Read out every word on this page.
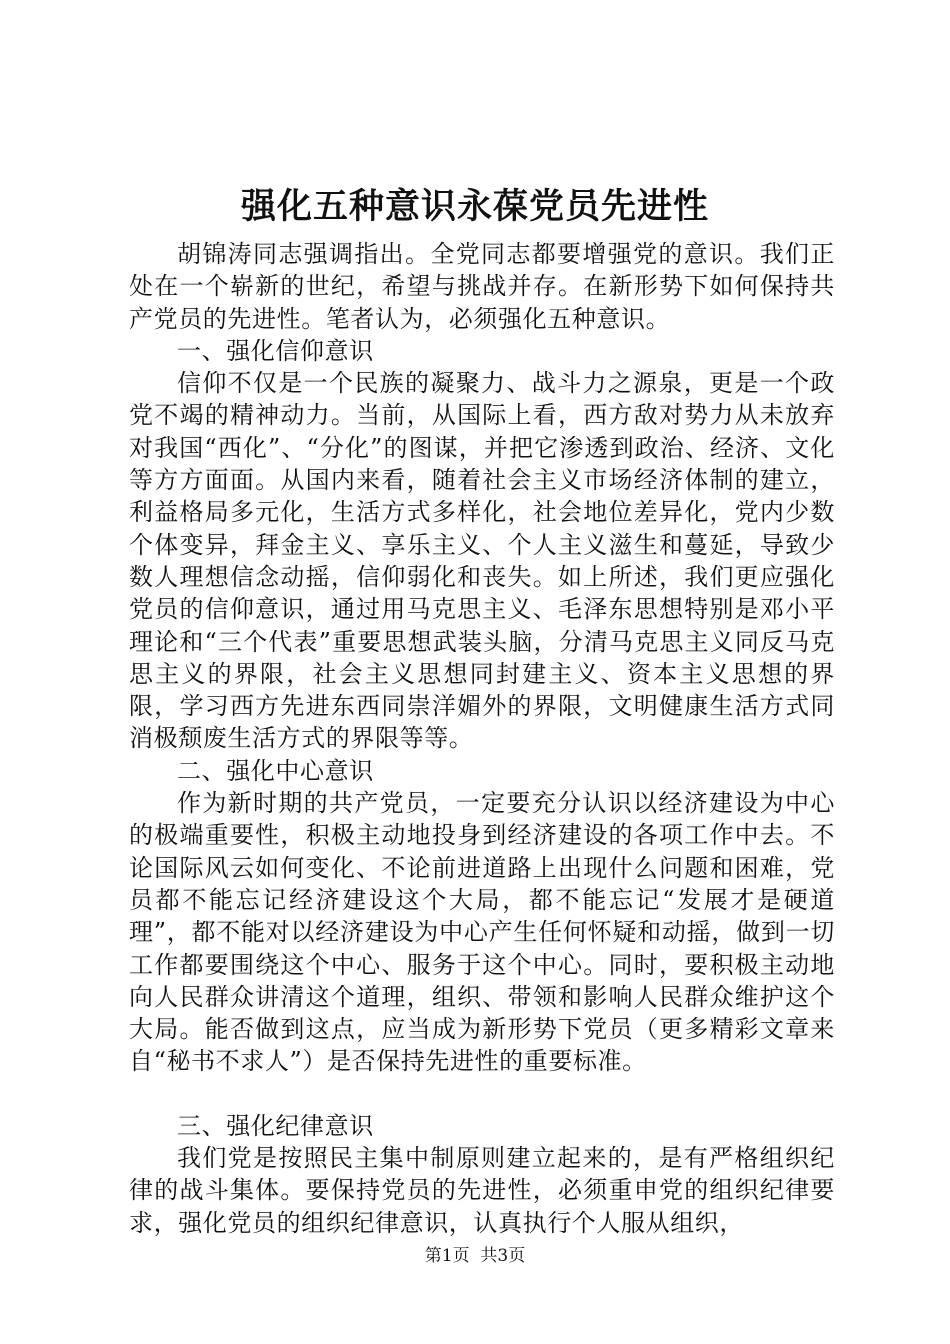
强化五种意识永葆党员先进性

胡锦涛同志强调指出。全党同志都要增强党的意识。我们正处在一个崭新的世纪，希望与挑战并存。在新形势下如何保持共产党员的先进性。笔者认为，必须强化五种意识。

一、强化信仰意识

信仰不仅是一个民族的凝聚力、战斗力之源泉，更是一个政党不竭的精神动力。当前，从国际上看，西方敌对势力从未放弃对我国“西化”、“分化”的图谋，并把它渗透到政治、经济、文化等方方面面。从国内来看，随着社会主义市场经济体制的建立，利益格局多元化，生活方式多样化，社会地位差异化，党内少数个体变异，拜金主义、享乐主义、个人主义滋生和蔓延，导致少数人理想信念动摇，信仰弱化和丧失。如上所述，我们更应强化党员的信仰意识，通过用马克思主义、毛泽东思想特别是邓小平理论和“三个代表”重要思想武装头脑，分清马克思主义同反马克思主义的界限，社会主义思想同封建主义、资本主义思想的界限，学习西方先进东西同崇洋媚外的界限，文明健康生活方式同消极颓废生活方式的界限等等。

二、强化中心意识

作为新时期的共产党员，一定要充分认识以经济建设为中心的极端重要性，积极主动地投身到经济建设的各项工作中去。不论国际风云如何变化、不论前进道路上出现什么问题和困难，党员都不能忘记经济建设这个大局，都不能忘记“发展才是硬道理”，都不能对以经济建设为中心产生任何怀疑和动摇，做到一切工作都要围绕这个中心、服务于这个中心。同时，要积极主动地向人民群众讲清这个道理，组织、带领和影响人民群众维护这个大局。能否做到这点，应当成为新形势下党员（更多精彩文章来自“秘书不求人”）是否保持先进性的重要标准。

三、强化纪律意识

我们党是按照民主集中制原则建立起来的，是有严格组织纪律的战斗集体。要保持党员的先进性，必须重申党的组织纪律要求，强化党员的组织纪律意识，认真执行个人服从组织，

第1页 共3页
